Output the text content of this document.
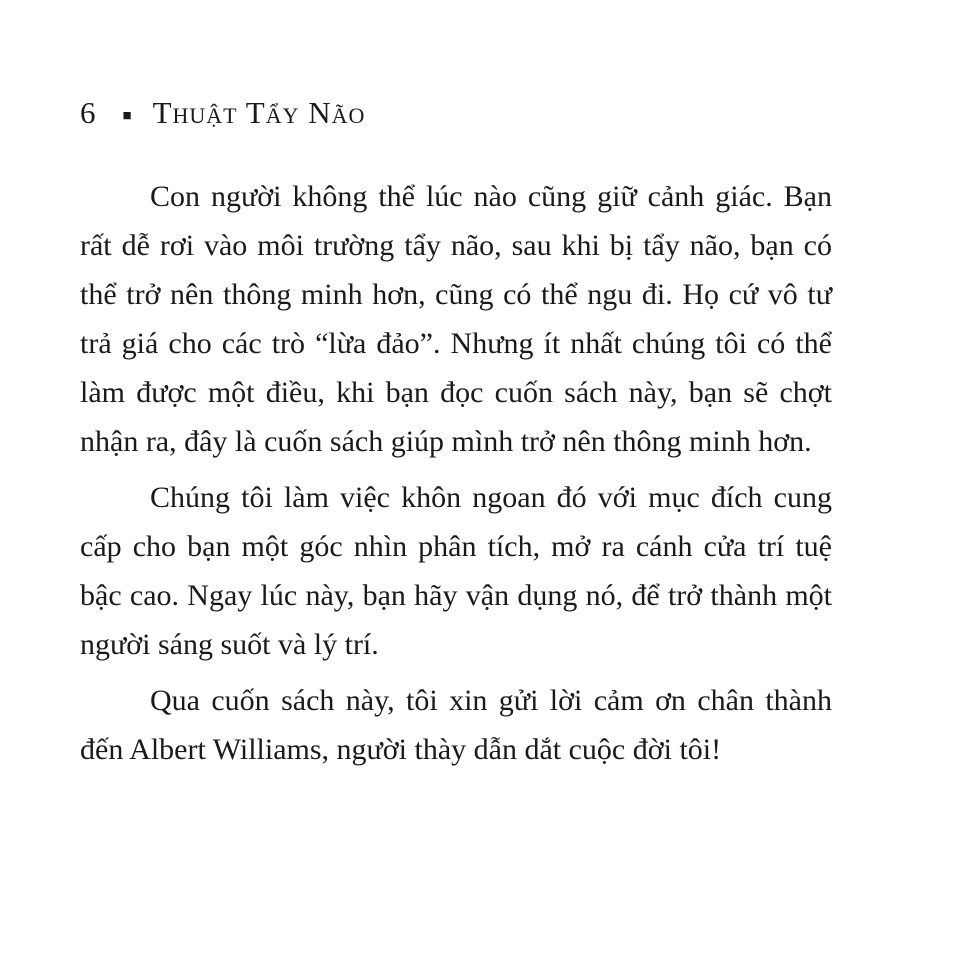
6 ■ Thuật Tẩy Não

Con người không thể lúc nào cũng giữ cảnh giác. Bạn rất dễ rơi vào môi trường tẩy não, sau khi bị tẩy não, bạn có thể trở nên thông minh hơn, cũng có thể ngu đi. Họ cứ vô tư trả giá cho các trò “lừa đảo”. Nhưng ít nhất chúng tôi có thể làm được một điều, khi bạn đọc cuốn sách này, bạn sẽ chợt nhận ra, đây là cuốn sách giúp mình trở nên thông minh hơn.

Chúng tôi làm việc khôn ngoan đó với mục đích cung cấp cho bạn một góc nhìn phân tích, mở ra cánh cửa trí tuệ bậc cao. Ngay lúc này, bạn hãy vận dụng nó, để trở thành một người sáng suốt và lý trí.

Qua cuốn sách này, tôi xin gửi lời cảm ơn chân thành đến Albert Williams, người thày dẫn dắt cuộc đời tôi!
